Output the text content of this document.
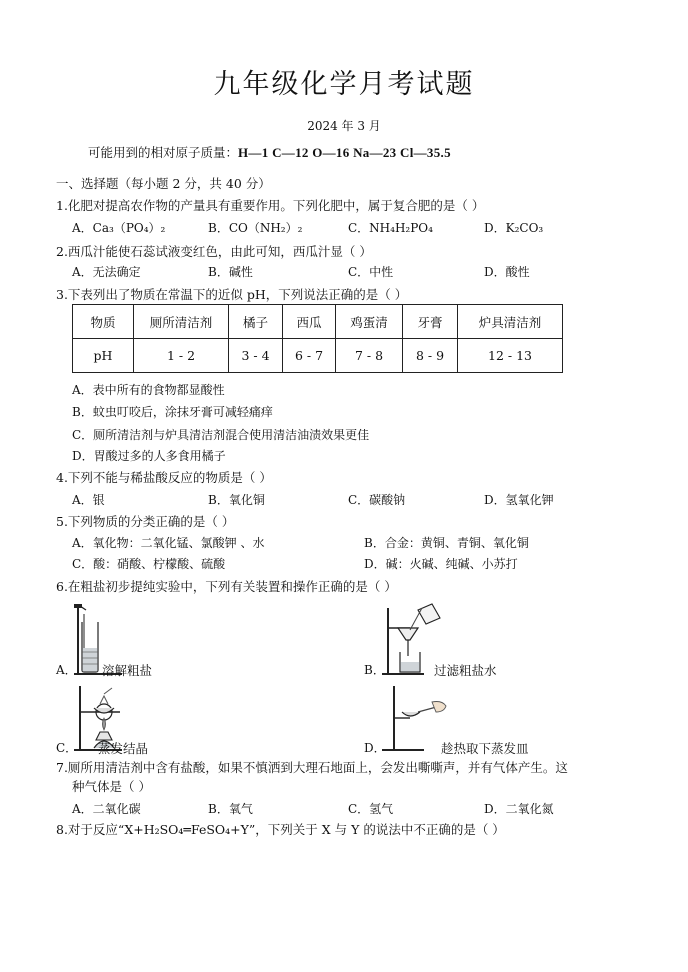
九年级化学月考试题
2024 年 3 月
可能用到的相对原子质量：H—1 C—12 O—16 Na—23 Cl—35.5
一、选择题（每小题 2 分，共 40 分）
1.化肥对提高农作物的产量具有重要作用。下列化肥中，属于复合肥的是（ ）
A．Ca₃（PO₄）₂	B．CO（NH₂）₂	C．NH₄H₂PO₄	D．K₂CO₃
2.西瓜汁能使石蕊试液变红色，由此可知，西瓜汁显（ ）
A．无法确定	B．碱性	C．中性	D．酸性
3.下表列出了物质在常温下的近似 pH，下列说法正确的是（ ）
物质	厕所清洁剂	橘子	西瓜	鸡蛋清	牙膏	炉具清洁剂
pH	1 - 2	3 - 4	6 - 7	7 - 8	8 - 9	12 - 13
A．表中所有的食物都显酸性
B．蚊虫叮咬后，涂抹牙膏可减轻痛痒
C．厕所清洁剂与炉具清洁剂混合使用清洁油渍效果更佳
D．胃酸过多的人多食用橘子
4.下列不能与稀盐酸反应的物质是（ ）
A．银	B．氧化铜	C．碳酸钠	D．氢氧化钾
5.下列物质的分类正确的是（ ）
A．氧化物：二氧化锰、氯酸钾 、水	B．合金：黄铜、青铜、氧化铜
C．酸：硝酸、柠檬酸、硫酸	D．碱：火碱、纯碱、小苏打
6.在粗盐初步提纯实验中，下列有关装置和操作正确的是（ ）
A． 溶解粗盐	B．	过滤粗盐水
C． 蒸发结晶	D．	趁热取下蒸发皿
7.厕所用清洁剂中含有盐酸，如果不慎洒到大理石地面上，会发出嘶嘶声，并有气体产生。这
种气体是（ ）
A．二氧化碳	B．氧气	C．氢气	D．二氧化氮
8.对于反应“X+H₂SO₄═FeSO₄+Y”，下列关于 X 与 Y 的说法中不正确的是（ ）
